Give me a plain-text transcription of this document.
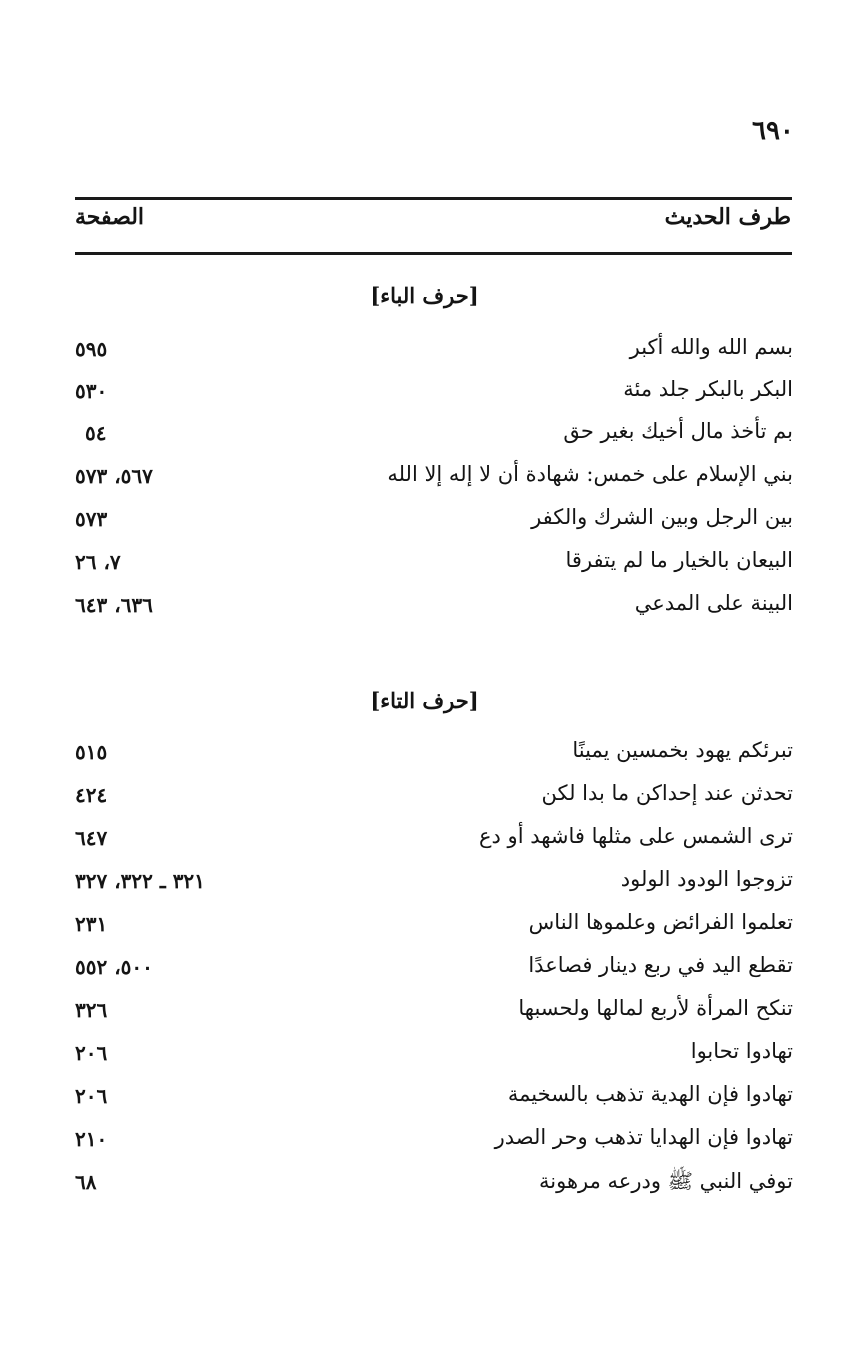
٦٩٠
طرف الحديث
الصفحة
[حرف الباء]
بسم الله والله أكبر
٥٩٥
البكر بالبكر جلد مئة
٥٣٠
بم تأخذ مال أخيك بغير حق
٥٤
بني الإسلام على خمس: شهادة أن لا إله إلا الله
٥٦٧، ٥٧٣
بين الرجل وبين الشرك والكفر
٥٧٣
البيعان بالخيار ما لم يتفرقا
٧، ٢٦
البينة على المدعي
٦٣٦، ٦٤٣
[حرف التاء]
تبرئكم يهود بخمسين يمينًا
٥١٥
تحدثن عند إحداكن ما بدا لكن
٤٢٤
ترى الشمس على مثلها فاشهد أو دع
٦٤٧
تزوجوا الودود الولود
٣٢١ ـ ٣٢٢، ٣٢٧
تعلموا الفرائض وعلموها الناس
٢٣١
تقطع اليد في ربع دينار فصاعدًا
٥٠٠، ٥٥٢
تنكح المرأة لأربع لمالها ولحسبها
٣٢٦
تهادوا تحابوا
٢٠٦
تهادوا فإن الهدية تذهب بالسخيمة
٢٠٦
تهادوا فإن الهدايا تذهب وحر الصدر
٢١٠
توفي النبي ﷺ ودرعه مرهونة
٦٨
